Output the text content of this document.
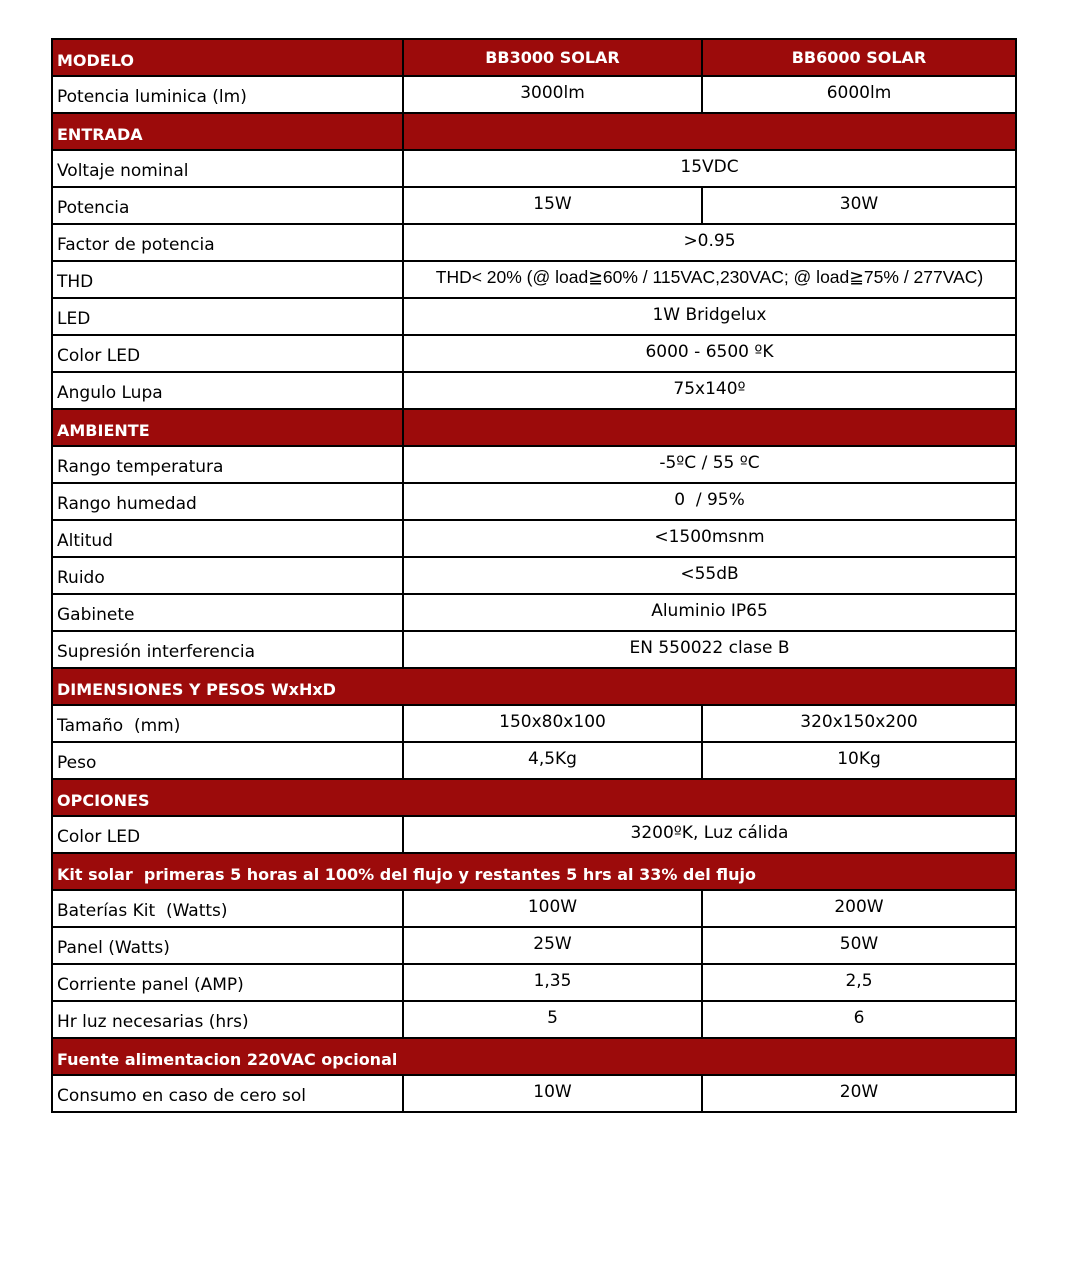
MODELO	BB3000 SOLAR	BB6000 SOLAR
Potencia luminica (lm)	3000lm	6000lm
ENTRADA		
Voltaje nominal	15VDC	
Potencia	15W	30W
Factor de potencia	>0.95	
THD	THD< 20% (@ load≧60% / 115VAC,230VAC; @ load≧75% / 277VAC)	
LED	1W Bridgelux	
Color LED	6000 - 6500 ºK	
Angulo Lupa	75x140º	
AMBIENTE		
Rango temperatura	-5ºC / 55 ºC	
Rango humedad	0  / 95%	
Altitud	<1500msnm	
Ruido	<55dB	
Gabinete	Aluminio IP65	
Supresión interferencia	EN 550022 clase B	
DIMENSIONES Y PESOS WxHxD		
Tamaño  (mm)	150x80x100	320x150x200
Peso	4,5Kg	10Kg
OPCIONES		
Color LED	3200ºK, Luz cálida	
Kit solar  primeras 5 horas al 100% del flujo y restantes 5 hrs al 33% del flujo		
Baterías Kit  (Watts)	100W	200W
Panel (Watts)	25W	50W
Corriente panel (AMP)	1,35	2,5
Hr luz necesarias (hrs)	5	6
Fuente alimentacion 220VAC opcional		
Consumo en caso de cero sol	10W	20W
